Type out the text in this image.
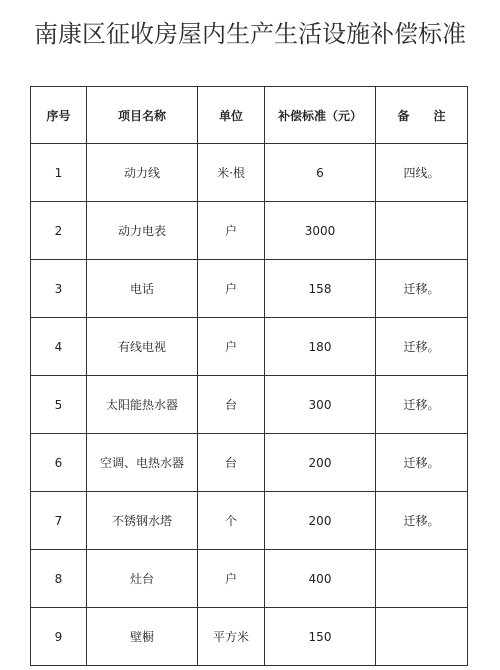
南康区征收房屋内生产生活设施补偿标准
序号	项目名称	单位	补偿标准（元）	备　　注
1	动力线	米·根	6	四线。
2	动力电表	户	3000	
3	电话	户	158	迁移。
4	有线电视	户	180	迁移。
5	太阳能热水器	台	300	迁移。
6	空调、电热水器	台	200	迁移。
7	不锈钢水塔	个	200	迁移。
8	灶台	户	400	
9	壁橱	平方米	150	
